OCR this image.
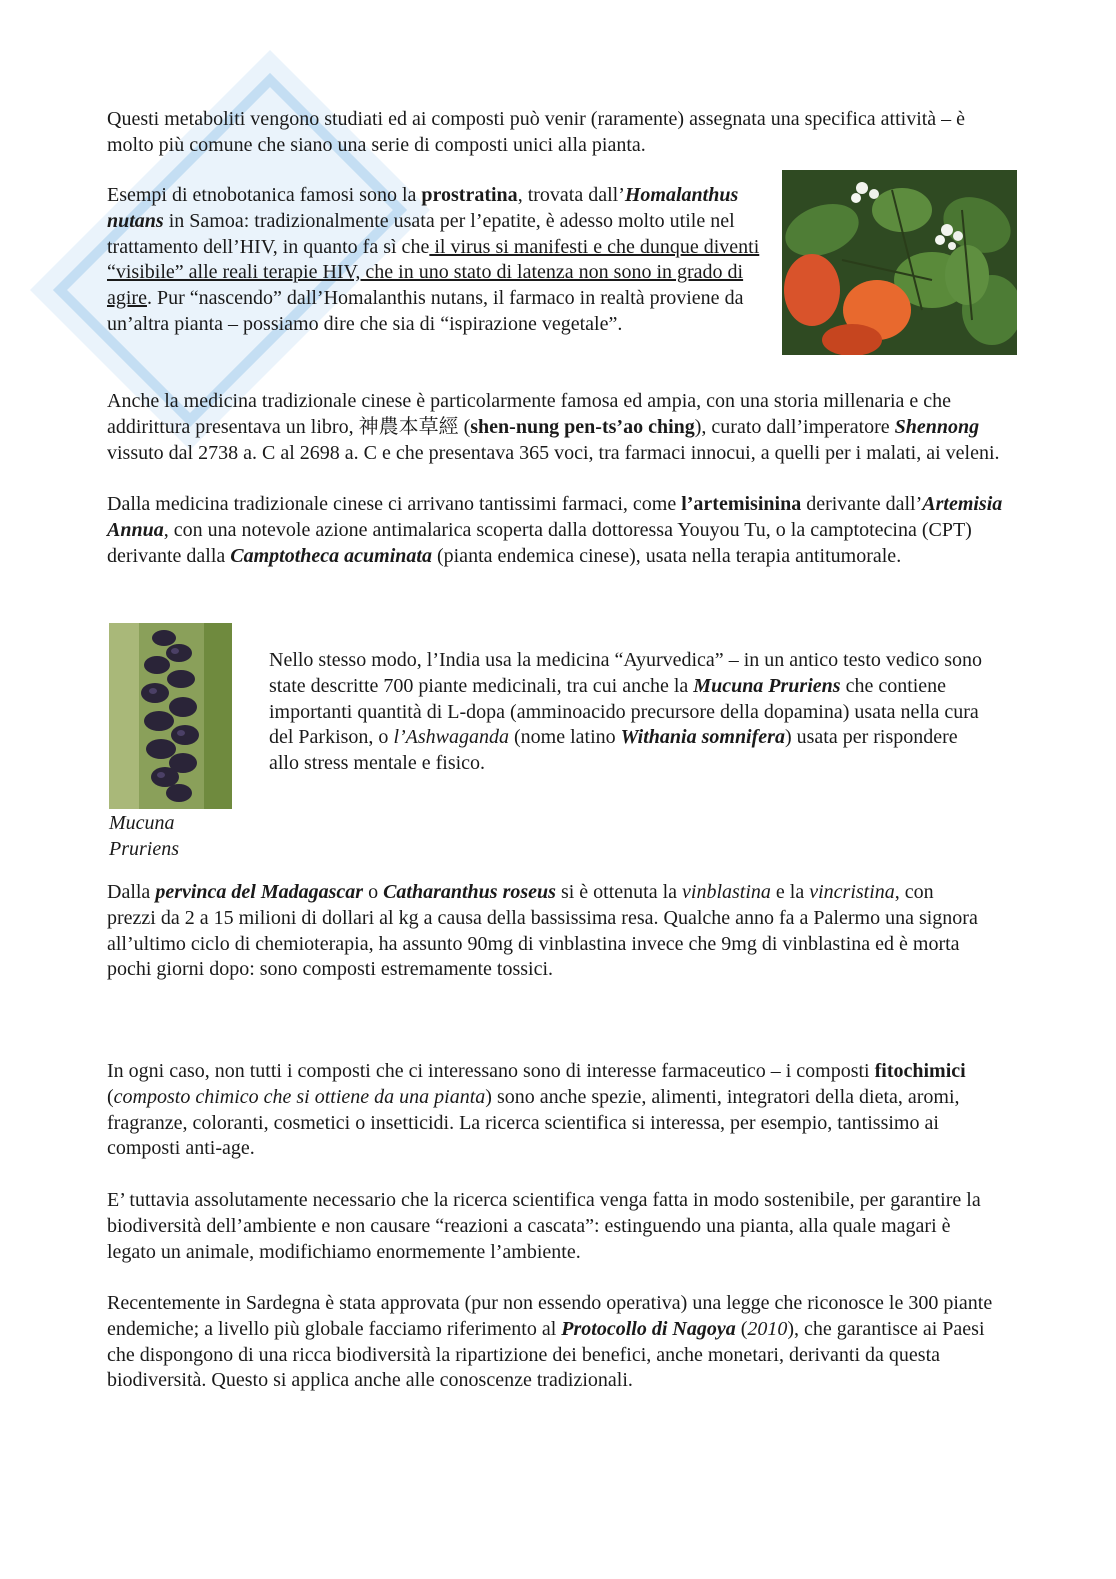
Questi metaboliti vengono studiati ed ai composti può venir (raramente) assegnata una specifica attività – è molto più comune che siano una serie di composti unici alla pianta.

Esempi di etnobotanica famosi sono la prostratina, trovata dall’Homalanthus nutans in Samoa: tradizionalmente usata per l’epatite, è adesso molto utile nel trattamento dell’HIV, in quanto fa sì che il virus si manifesti e che dunque diventi “visibile” alle reali terapie HIV, che in uno stato di latenza non sono in grado di agire. Pur “nascendo” dall’Homalanthis nutans, il farmaco in realtà proviene da un’altra pianta – possiamo dire che sia di “ispirazione vegetale”.

Anche la medicina tradizionale cinese è particolarmente famosa ed ampia, con una storia millenaria e che addirittura presentava un libro, 神農本草經 (shen-nung pen-ts’ao ching), curato dall’imperatore Shennong vissuto dal 2738 a. C al 2698 a. C e che presentava 365 voci, tra farmaci innocui, a quelli per i malati, ai veleni.

Dalla medicina tradizionale cinese ci arrivano tantissimi farmaci, come l’artemisinina derivante dall’Artemisia Annua, con una notevole azione antimalarica scoperta dalla dottoressa Youyou Tu, o la camptotecina (CPT) derivante dalla Camptotheca acuminata (pianta endemica cinese), usata nella terapia antitumorale.

Mucuna
Pruriens

Nello stesso modo, l’India usa la medicina “Ayurvedica” – in un antico testo vedico sono state descritte 700 piante medicinali, tra cui anche la Mucuna Pruriens che contiene importanti quantità di L-dopa (amminoacido precursore della dopamina) usata nella cura del Parkison, o l’Ashwaganda (nome latino Withania somnifera) usata per rispondere allo stress mentale e fisico.

Dalla pervinca del Madagascar o Catharanthus roseus si è ottenuta la vinblastina e la vincristina, con prezzi da 2 a 15 milioni di dollari al kg a causa della bassissima resa. Qualche anno fa a Palermo una signora all’ultimo ciclo di chemioterapia, ha assunto 90mg di vinblastina invece che 9mg di vinblastina ed è morta pochi giorni dopo: sono composti estremamente tossici.

In ogni caso, non tutti i composti che ci interessano sono di interesse farmaceutico – i composti fitochimici (composto chimico che si ottiene da una pianta) sono anche spezie, alimenti, integratori della dieta, aromi, fragranze, coloranti, cosmetici o insetticidi. La ricerca scientifica si interessa, per esempio, tantissimo ai composti anti-age.

E’ tuttavia assolutamente necessario che la ricerca scientifica venga fatta in modo sostenibile, per garantire la biodiversità dell’ambiente e non causare “reazioni a cascata”: estinguendo una pianta, alla quale magari è legato un animale, modifichiamo enormemente l’ambiente.

Recentemente in Sardegna è stata approvata (pur non essendo operativa) una legge che riconosce le 300 piante endemiche; a livello più globale facciamo riferimento al Protocollo di Nagoya (2010), che garantisce ai Paesi che dispongono di una ricca biodiversità la ripartizione dei benefici, anche monetari, derivanti da questa biodiversità. Questo si applica anche alle conoscenze tradizionali.
